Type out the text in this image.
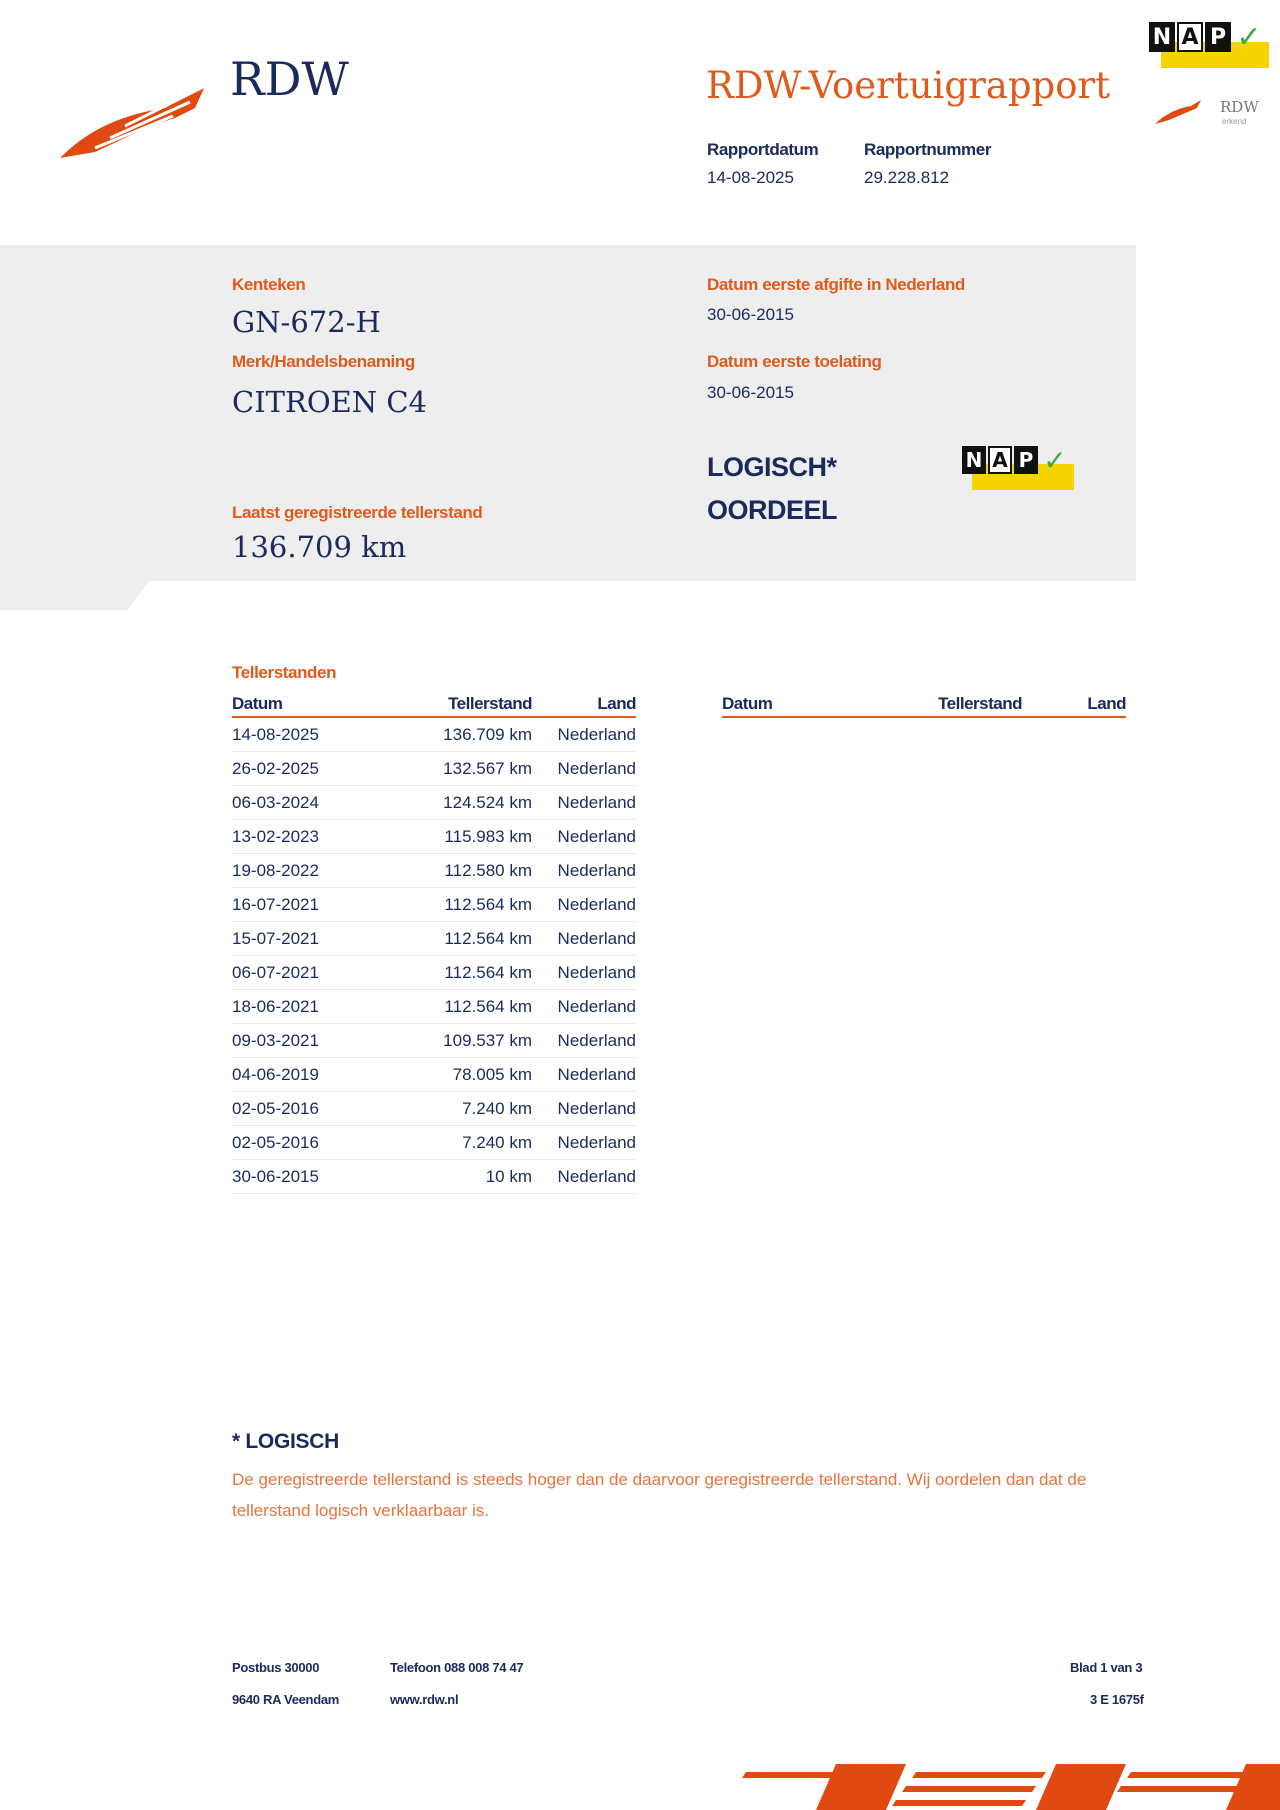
RDW	RDW-Voertuigrapport
Rapportdatum
14-08-2025
Rapportnummer
29.228.812
N A P ✓
RDW
erkend
Kenteken
GN-672-H
Merk/Handelsbenaming
CITROEN C4
Datum eerste afgifte in Nederland
30-06-2015
Datum eerste toelating
30-06-2015
LOGISCH*
OORDEEL
N A P ✓
Laatst geregistreerde tellerstand
136.709 km
Tellerstanden
Datum	Tellerstand	Land
14-08-2025	136.709 km	Nederland
26-02-2025	132.567 km	Nederland
06-03-2024	124.524 km	Nederland
13-02-2023	115.983 km	Nederland
19-08-2022	112.580 km	Nederland
16-07-2021	112.564 km	Nederland
15-07-2021	112.564 km	Nederland
06-07-2021	112.564 km	Nederland
18-06-2021	112.564 km	Nederland
09-03-2021	109.537 km	Nederland
04-06-2019	78.005 km	Nederland
02-05-2016	7.240 km	Nederland
02-05-2016	7.240 km	Nederland
30-06-2015	10 km	Nederland
Datum	Tellerstand	Land
* LOGISCH
De geregistreerde tellerstand is steeds hoger dan de daarvoor geregistreerde tellerstand. Wij oordelen dan dat de tellerstand logisch verklaarbaar is.
Postbus 30000
9640 RA Veendam
Telefoon 088 008 74 47
www.rdw.nl
Blad 1 van 3
3 E 1675f
